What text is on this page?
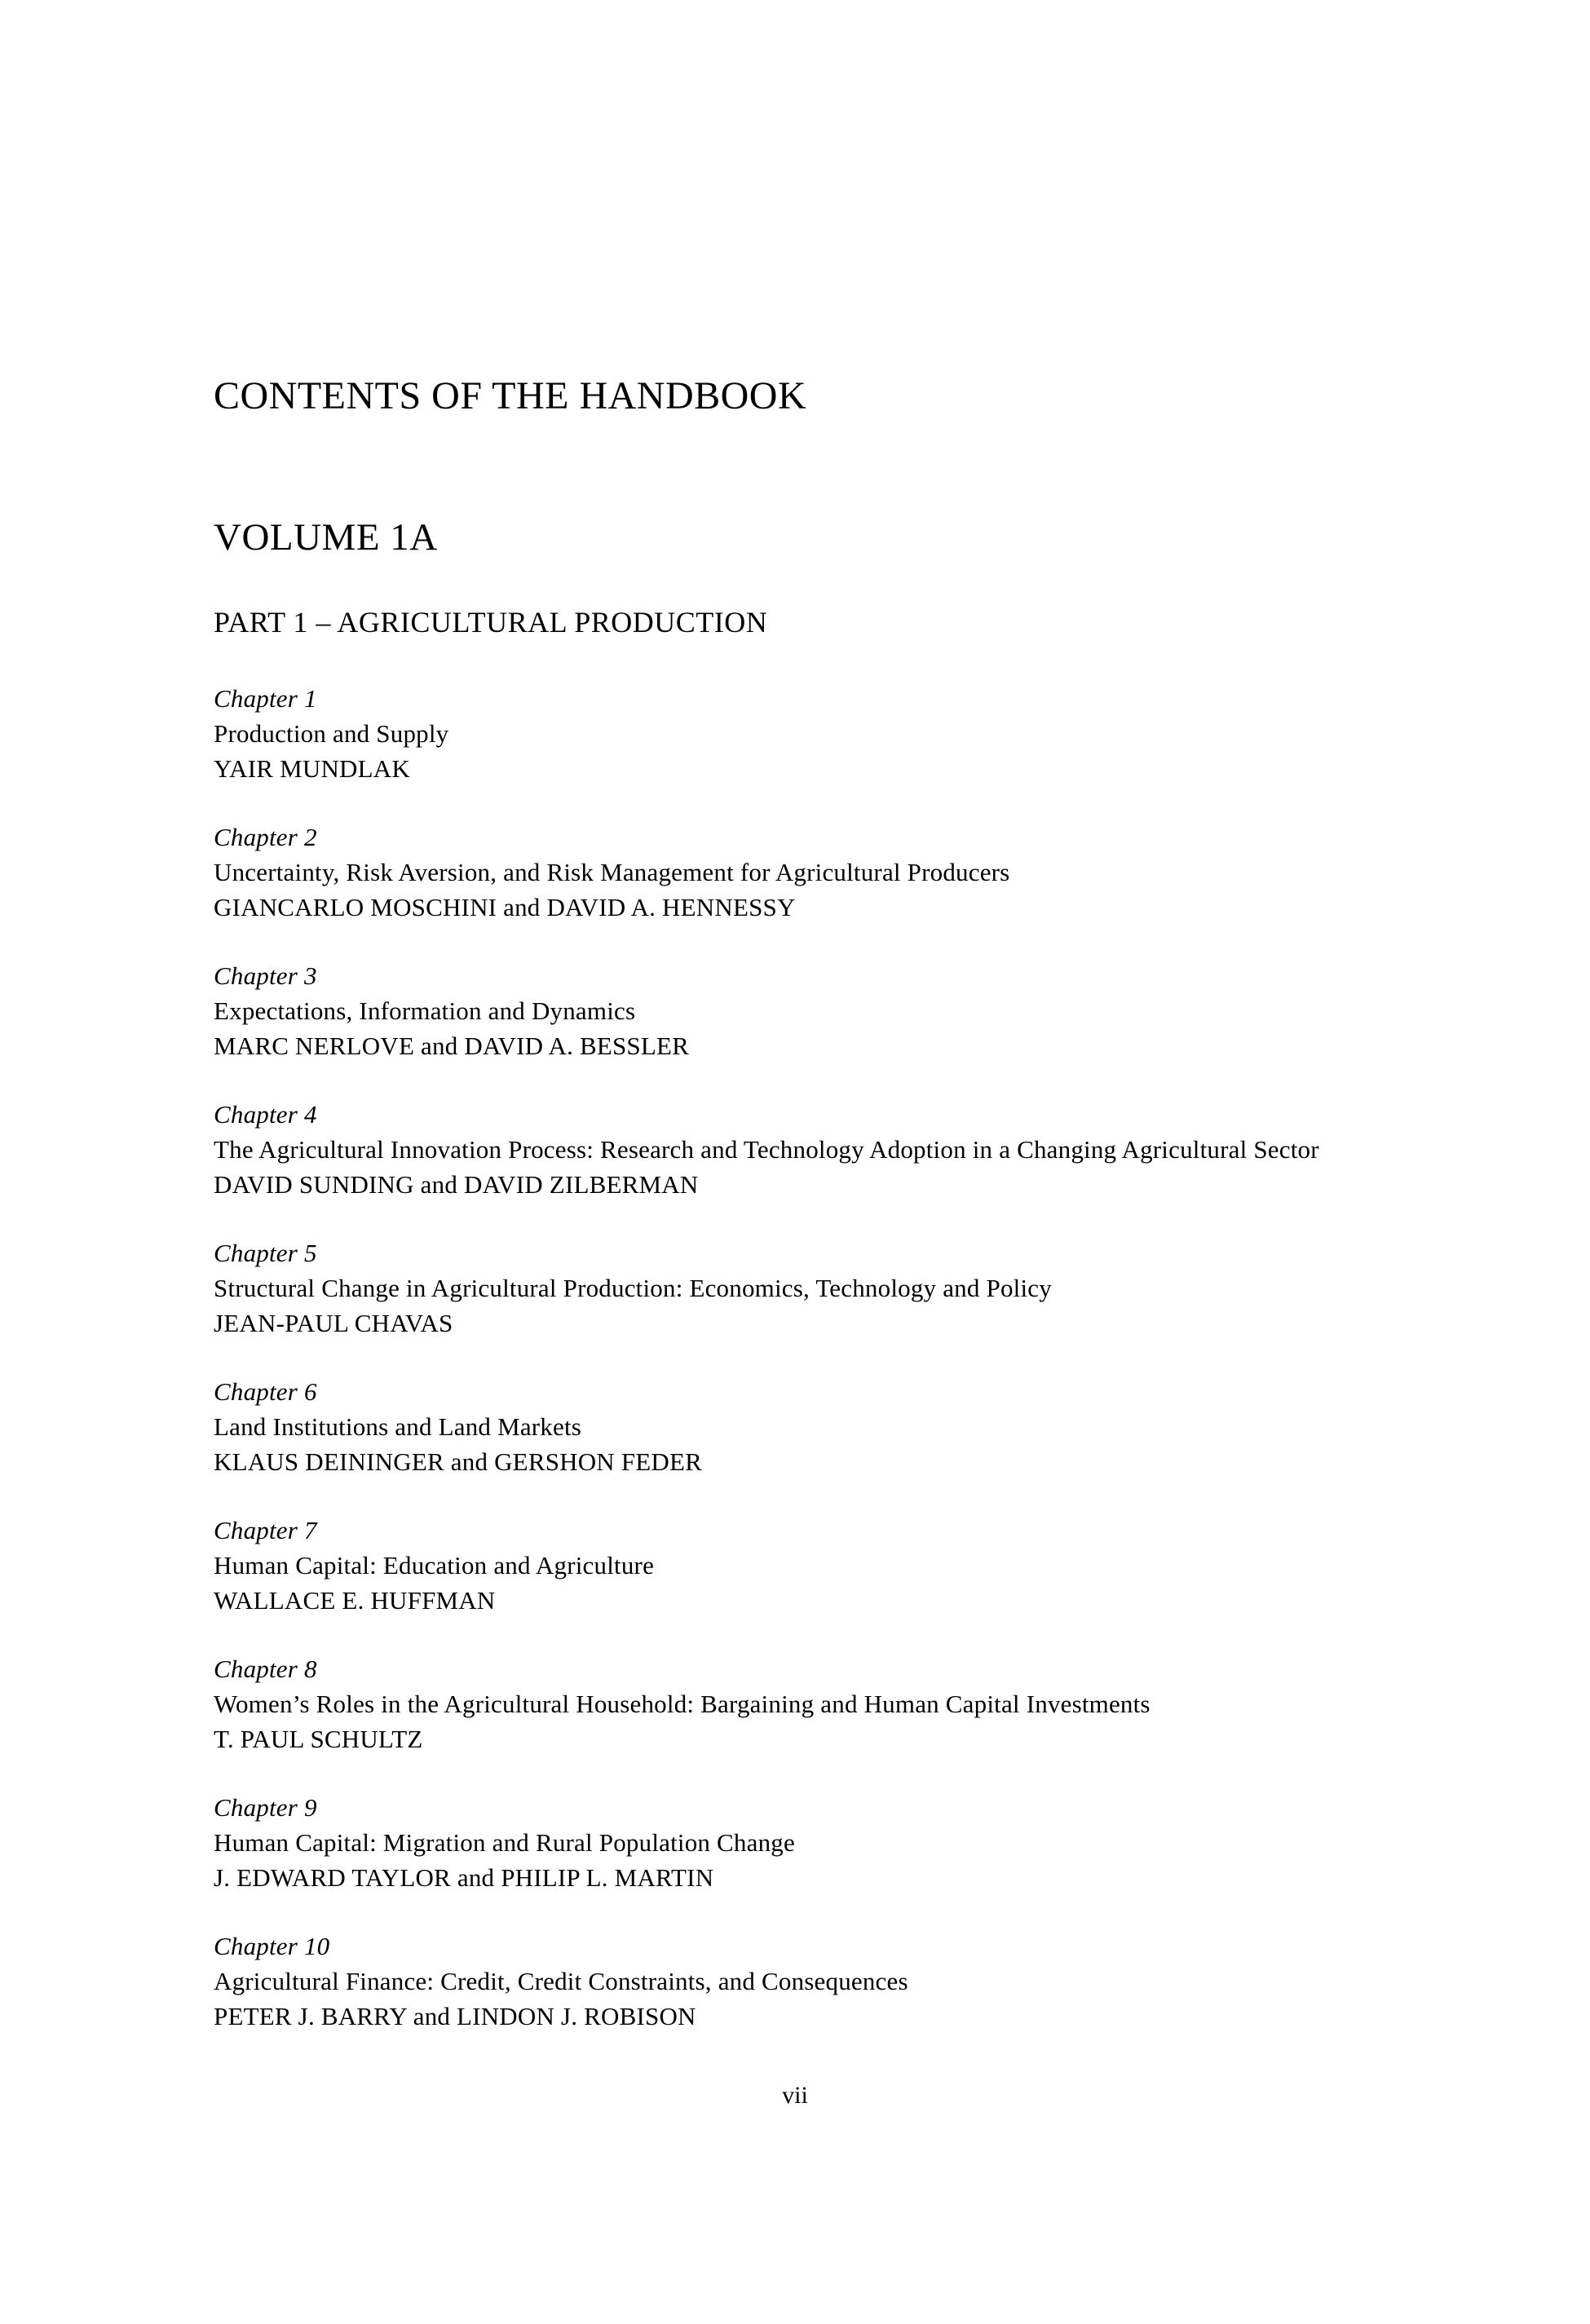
CONTENTS OF THE HANDBOOK
VOLUME 1A
PART 1 – AGRICULTURAL PRODUCTION
Chapter 1
Production and Supply
YAIR MUNDLAK
Chapter 2
Uncertainty, Risk Aversion, and Risk Management for Agricultural Producers
GIANCARLO MOSCHINI and DAVID A. HENNESSY
Chapter 3
Expectations, Information and Dynamics
MARC NERLOVE and DAVID A. BESSLER
Chapter 4
The Agricultural Innovation Process: Research and Technology Adoption in a Changing Agricultural Sector
DAVID SUNDING and DAVID ZILBERMAN
Chapter 5
Structural Change in Agricultural Production: Economics, Technology and Policy
JEAN-PAUL CHAVAS
Chapter 6
Land Institutions and Land Markets
KLAUS DEININGER and GERSHON FEDER
Chapter 7
Human Capital: Education and Agriculture
WALLACE E. HUFFMAN
Chapter 8
Women’s Roles in the Agricultural Household: Bargaining and Human Capital Investments
T. PAUL SCHULTZ
Chapter 9
Human Capital: Migration and Rural Population Change
J. EDWARD TAYLOR and PHILIP L. MARTIN
Chapter 10
Agricultural Finance: Credit, Credit Constraints, and Consequences
PETER J. BARRY and LINDON J. ROBISON
vii
